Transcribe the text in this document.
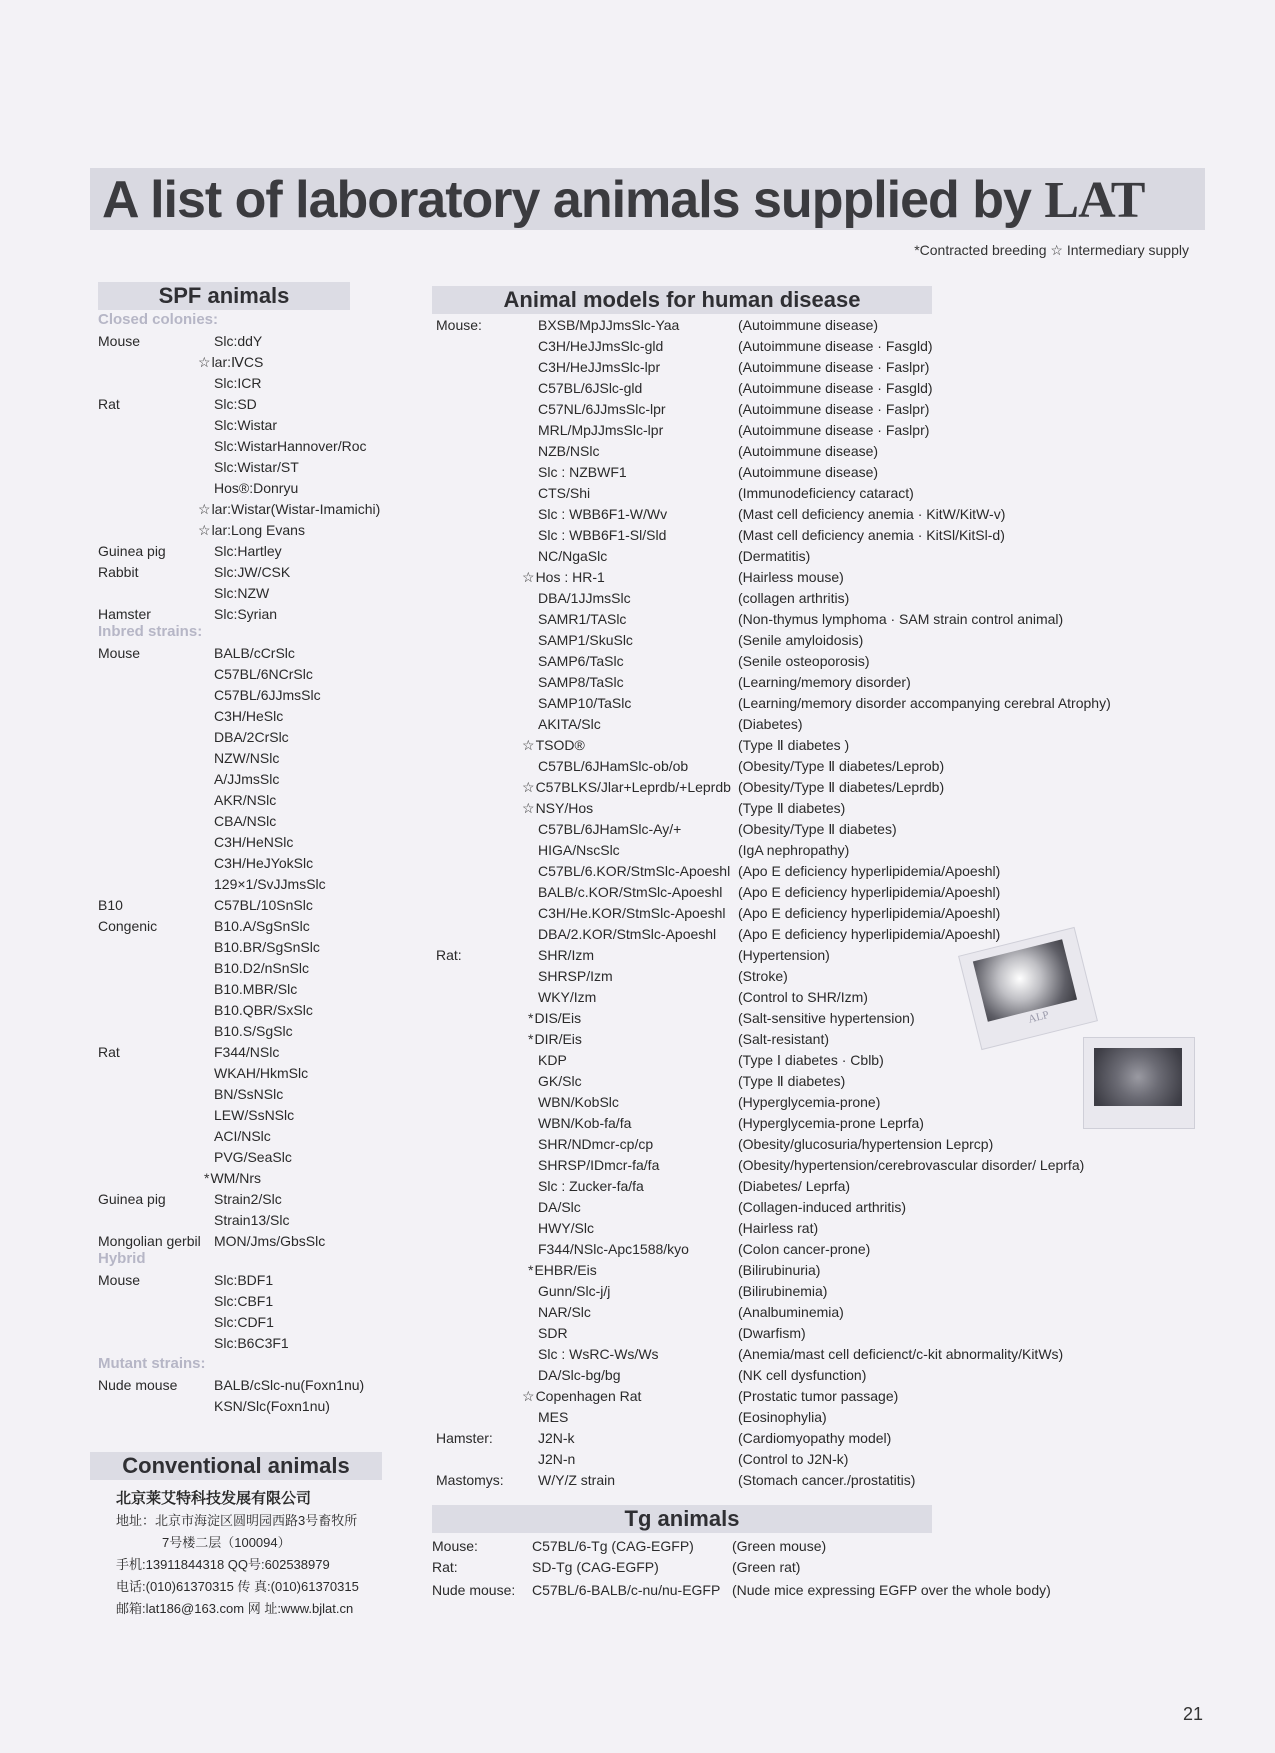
A list of laboratory animals supplied by LAT
*Contracted breeding ☆ Intermediary supply
SPF animals	Animal models for human disease
Conventional animals
Tg animals
Closed colonies:
Mouse	Slc:ddY
☆lar:ⅣCS
Slc:ICR
Rat	Slc:SD
Slc:Wistar
Slc:WistarHannover/Roc
Slc:Wistar/ST
Hos®:Donryu
☆lar:Wistar(Wistar-Imamichi)
☆lar:Long Evans
Guinea pig	Slc:Hartley
Rabbit	Slc:JW/CSK
Slc:NZW
Hamster	Slc:Syrian
Inbred strains:
Mouse	BALB/cCrSlc
C57BL/6NCrSlc
C57BL/6JJmsSlc
C3H/HeSlc
DBA/2CrSlc
NZW/NSlc
A/JJmsSlc
AKR/NSlc
CBA/NSlc
C3H/HeNSlc
C3H/HeJYokSlc
129×1/SvJJmsSlc
B10	C57BL/10SnSlc
Congenic	B10.A/SgSnSlc
B10.BR/SgSnSlc
B10.D2/nSnSlc
B10.MBR/Slc
B10.QBR/SxSlc
B10.S/SgSlc
Rat	F344/NSlc
WKAH/HkmSlc
BN/SsNSlc
LEW/SsNSlc
ACI/NSlc
PVG/SeaSlc
*WM/Nrs
Guinea pig	Strain2/Slc
Strain13/Slc
Mongolian gerbil MON/Jms/GbsSlc
Hybrid
Mouse	Slc:BDF1
Slc:CBF1
Slc:CDF1
Slc:B6C3F1
Mutant strains:
Nude mouse	BALB/cSlc-nu(Foxn1nu)
KSN/Slc(Foxn1nu)
Mouse:	BXSB/MpJJmsSlc-Yaa	(Autoimmune disease)
C3H/HeJJmsSlc-gld	(Autoimmune disease · Fasgld)
C3H/HeJJmsSlc-lpr	(Autoimmune disease · Faslpr)
C57BL/6JSlc-gld	(Autoimmune disease · Fasgld)
C57NL/6JJmsSlc-lpr	(Autoimmune disease · Faslpr)
MRL/MpJJmsSlc-lpr	(Autoimmune disease · Faslpr)
NZB/NSlc	(Autoimmune disease)
Slc : NZBWF1	(Autoimmune disease)
CTS/Shi	(Immunodeficiency cataract)
Slc : WBB6F1-W/Wv	(Mast cell deficiency anemia · KitW/KitW-v)
Slc : WBB6F1-Sl/Sld	(Mast cell deficiency anemia · KitSl/KitSl-d)
NC/NgaSlc	(Dermatitis)
☆Hos : HR-1	(Hairless mouse)
DBA/1JJmsSlc	(collagen arthritis)
SAMR1/TASlc	(Non-thymus lymphoma · SAM strain control animal)
SAMP1/SkuSlc	(Senile amyloidosis)
SAMP6/TaSlc	(Senile osteoporosis)
SAMP8/TaSlc	(Learning/memory disorder)
SAMP10/TaSlc	(Learning/memory disorder accompanying cerebral Atrophy)
AKITA/Slc	(Diabetes)
☆TSOD®	(Type Ⅱ diabetes )
C57BL/6JHamSlc-ob/ob	(Obesity/Type Ⅱ diabetes/Leprob)
☆C57BLKS/Jlar+Leprdb/+Leprdb (Obesity/Type Ⅱ diabetes/Leprdb)
☆NSY/Hos	(Type Ⅱ diabetes)
C57BL/6JHamSlc-Ay/+	(Obesity/Type Ⅱ diabetes)
HIGA/NscSlc	(IgA nephropathy)
C57BL/6.KOR/StmSlc-Apoeshl (Apo E deficiency hyperlipidemia/Apoeshl)
BALB/c.KOR/StmSlc-Apoeshl (Apo E deficiency hyperlipidemia/Apoeshl)
C3H/He.KOR/StmSlc-Apoeshl (Apo E deficiency hyperlipidemia/Apoeshl)
DBA/2.KOR/StmSlc-Apoeshl (Apo E deficiency hyperlipidemia/Apoeshl)
Rat:	SHR/Izm	(Hypertension)
SHRSP/Izm	(Stroke)
WKY/Izm	(Control to SHR/Izm)
*DIS/Eis	(Salt-sensitive hypertension)
*DIR/Eis	(Salt-resistant)
KDP	(Type Ⅰ diabetes · Cblb)
GK/Slc	(Type Ⅱ diabetes)
WBN/KobSlc	(Hyperglycemia-prone)
WBN/Kob-fa/fa	(Hyperglycemia-prone Leprfa)
SHR/NDmcr-cp/cp	(Obesity/glucosuria/hypertension Leprcp)
SHRSP/IDmcr-fa/fa	(Obesity/hypertension/cerebrovascular disorder/ Leprfa)
Slc : Zucker-fa/fa	(Diabetes/ Leprfa)
DA/Slc	(Collagen-induced arthritis)
HWY/Slc	(Hairless rat)
F344/NSlc-Apc1588/kyo	(Colon cancer-prone)
*EHBR/Eis	(Bilirubinuria)
Gunn/Slc-j/j	(Bilirubinemia)
NAR/Slc	(Analbuminemia)
SDR	(Dwarfism)
Slc : WsRC-Ws/Ws	(Anemia/mast cell deficienct/c-kit abnormality/KitWs)
DA/Slc-bg/bg	(NK cell dysfunction)
☆Copenhagen Rat	(Prostatic tumor passage)
MES	(Eosinophylia)
Hamster:	J2N-k	(Cardiomyopathy model)
J2N-n	(Control to J2N-k)
Mastomys: W/Y/Z strain	(Stomach cancer./prostatitis)
Mouse:	C57BL/6-Tg (CAG-EGFP)	(Green mouse)
Rat:	SD-Tg (CAG-EGFP)	(Green rat)
Nude mouse: C57BL/6-BALB/c-nu/nu-EGFP (Nude mice expressing EGFP over the whole body)
北京莱艾特科技发展有限公司
地址：北京市海淀区圆明园西路3号畜牧所
7号楼二层（100094）
手机:13911844318 QQ号:602538979
电话:(010)61370315 传 真:(010)61370315
邮箱:lat186@163.com 网 址:www.bjlat.cn
ALP
21
